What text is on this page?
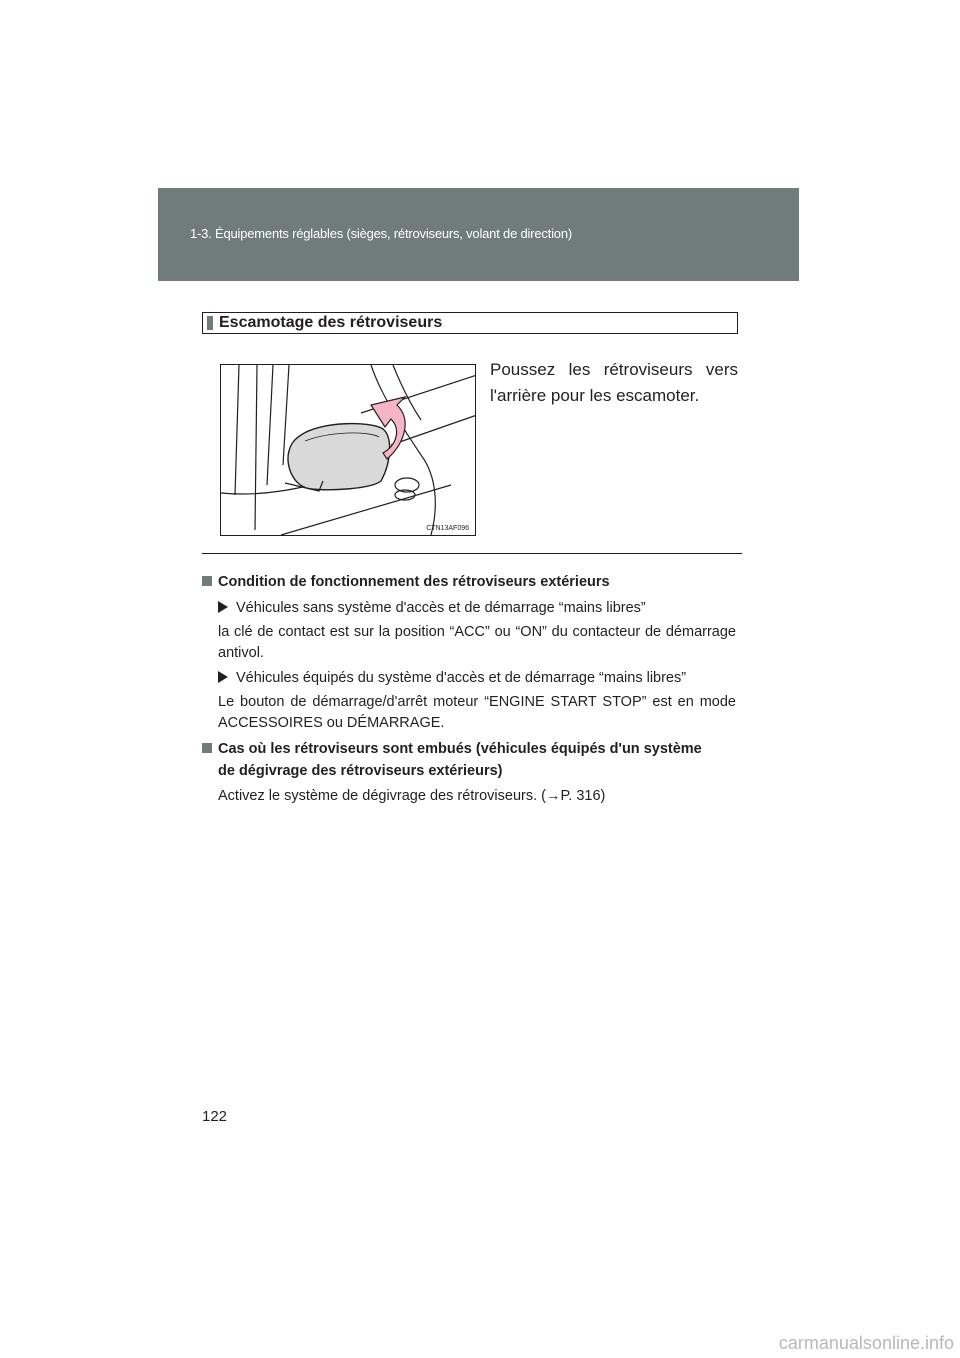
1-3. Équipements réglables (sièges, rétroviseurs, volant de direction)
Escamotage des rétroviseurs
CTN13AF096
Poussez les rétroviseurs vers l'arrière pour les escamoter.
Condition de fonctionnement des rétroviseurs extérieurs
Véhicules sans système d'accès et de démarrage “mains libres”
la clé de contact est sur la position “ACC” ou “ON” du contacteur de démarrage antivol.
Véhicules équipés du système d'accès et de démarrage “mains libres”
Le bouton de démarrage/d'arrêt moteur “ENGINE START STOP” est en mode ACCESSOIRES ou DÉMARRAGE.
Cas où les rétroviseurs sont embués (véhicules équipés d'un système
de dégivrage des rétroviseurs extérieurs)
Activez le système de dégivrage des rétroviseurs. (→P. 316)
122
carmanualsonline.info
